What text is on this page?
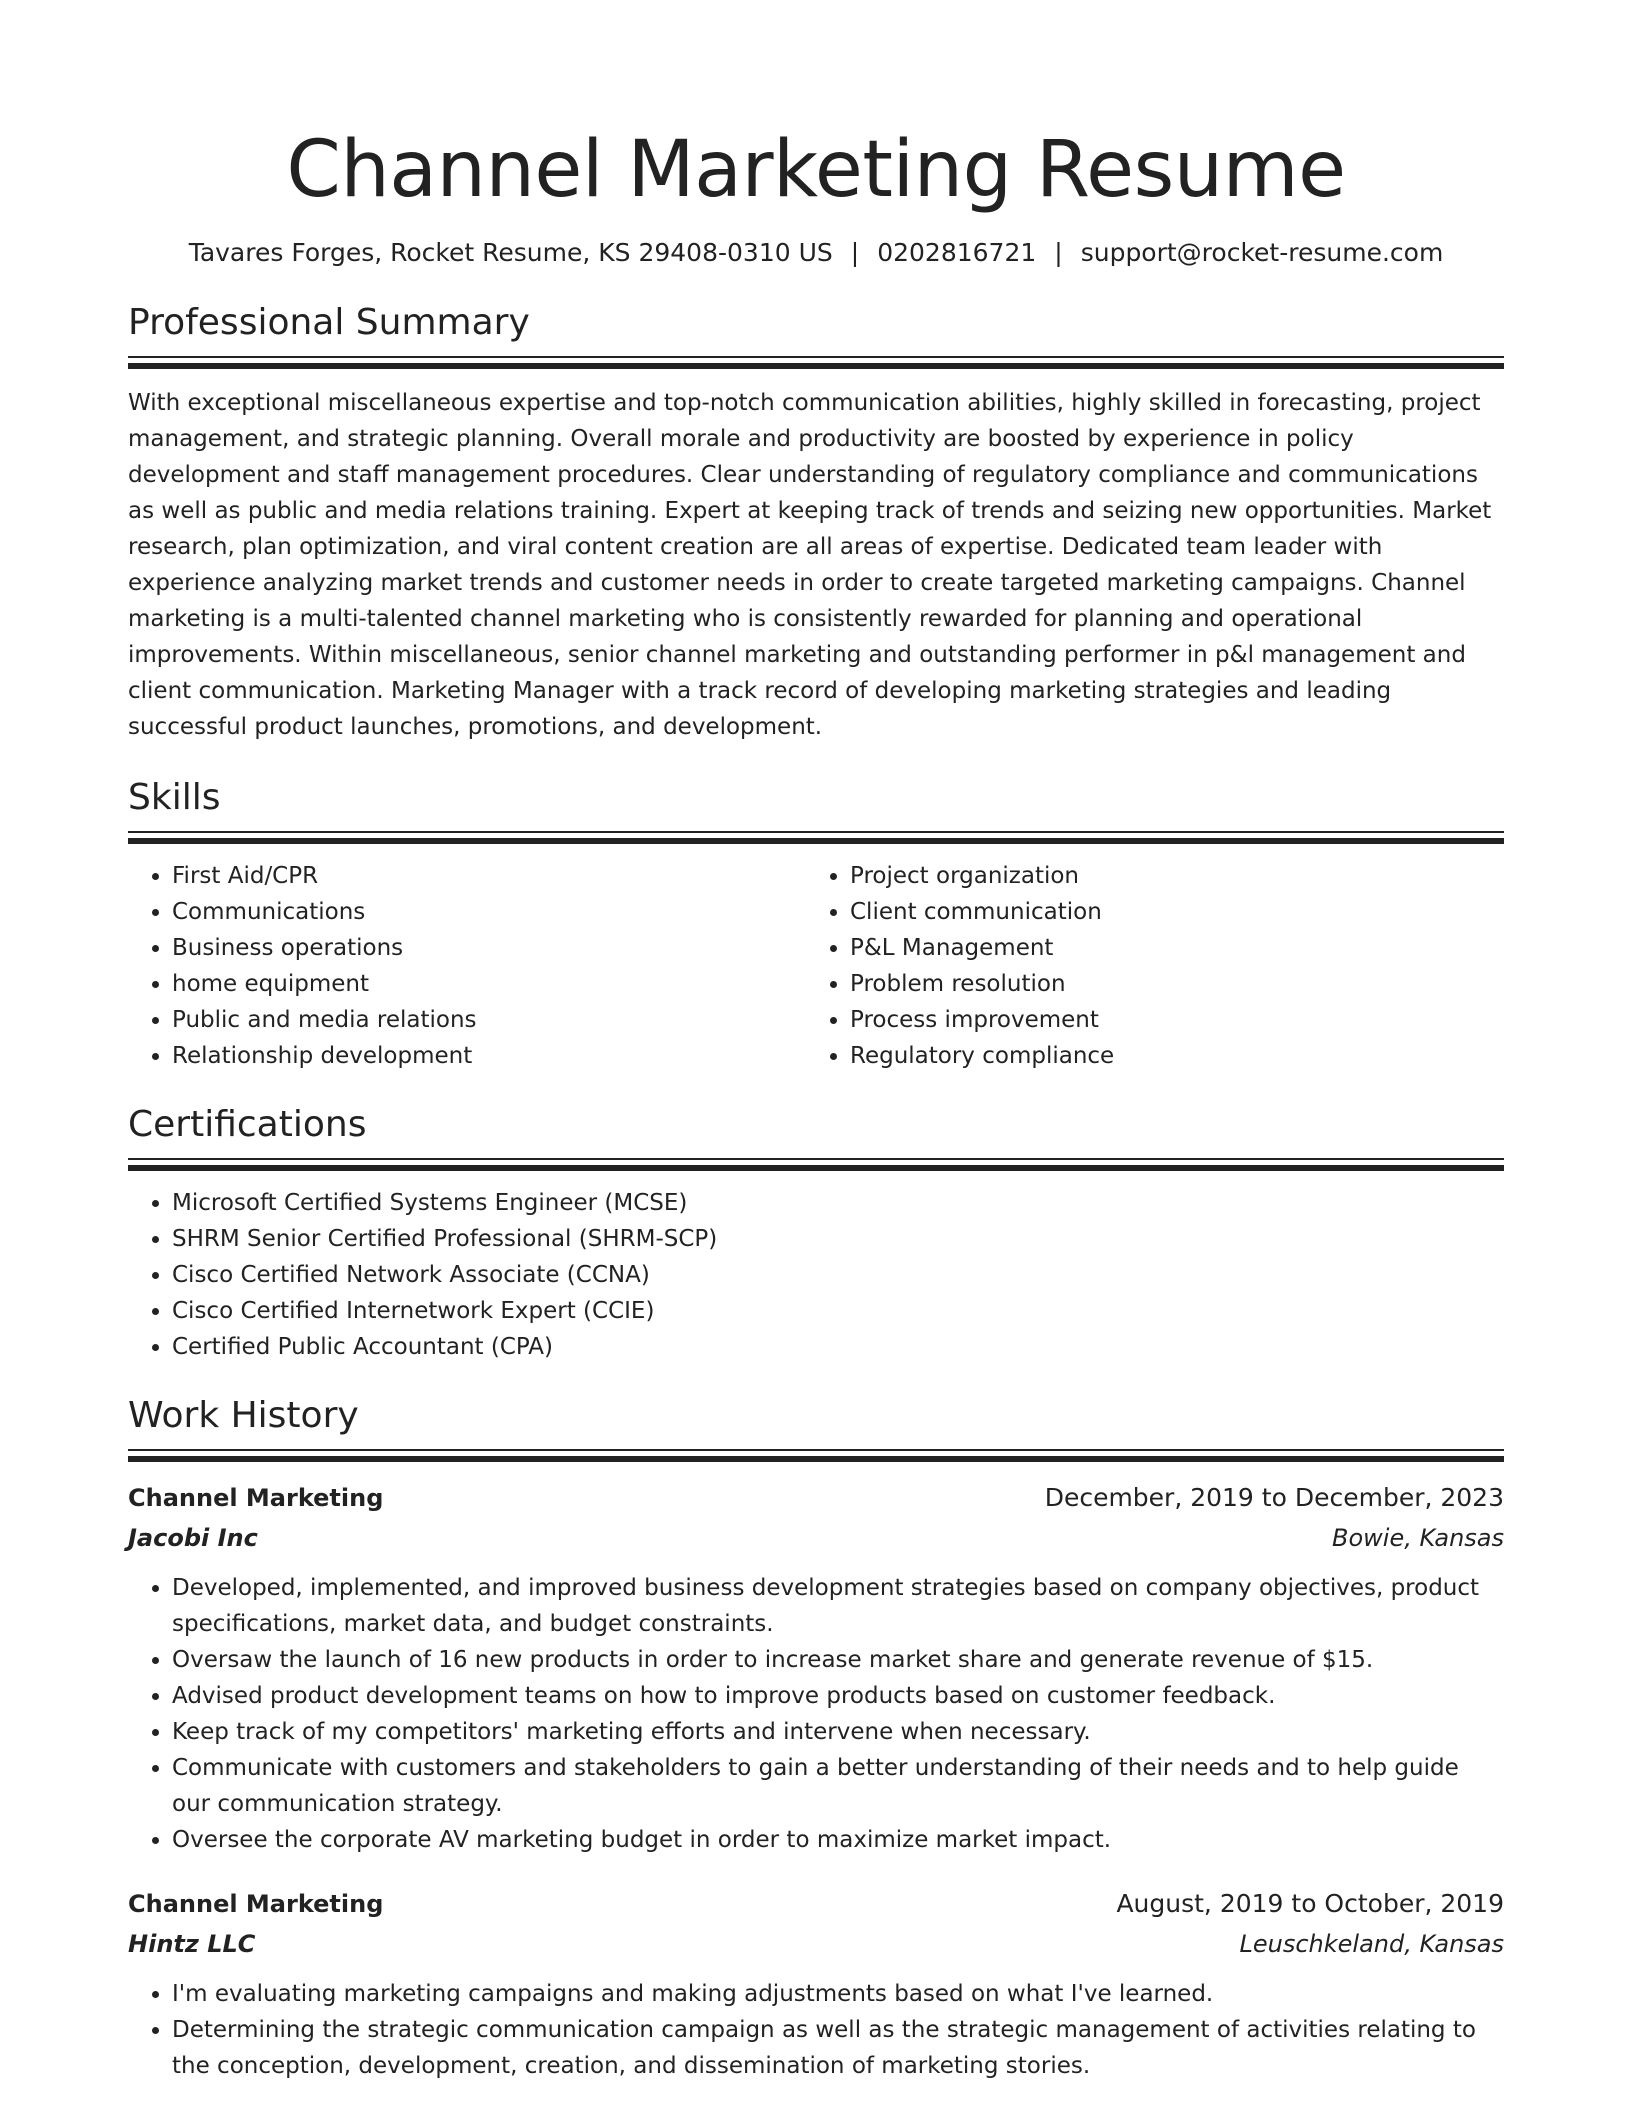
Channel Marketing Resume
Tavares Forges, Rocket Resume, KS 29408-0310 US | 0202816721 | support@rocket-resume.com
Professional Summary

With exceptional miscellaneous expertise and top-notch communication abilities, highly skilled in forecasting, project management, and strategic planning. Overall morale and productivity are boosted by experience in policy development and staff management procedures. Clear understanding of regulatory compliance and communications as well as public and media relations training. Expert at keeping track of trends and seizing new opportunities. Market research, plan optimization, and viral content creation are all areas of expertise. Dedicated team leader with experience analyzing market trends and customer needs in order to create targeted marketing campaigns. Channel marketing is a multi-talented channel marketing who is consistently rewarded for planning and operational improvements. Within miscellaneous, senior channel marketing and outstanding performer in p&l management and client communication. Marketing Manager with a track record of developing marketing strategies and leading successful product launches, promotions, and development.

Skills
• First Aid/CPR
• Communications
• Business operations
• home equipment
• Public and media relations
• Relationship development
• Project organization
• Client communication
• P&L Management
• Problem resolution
• Process improvement
• Regulatory compliance
Certifications
• Microsoft Certified Systems Engineer (MCSE)
• SHRM Senior Certified Professional (SHRM-SCP)
• Cisco Certified Network Associate (CCNA)
• Cisco Certified Internetwork Expert (CCIE)
• Certified Public Accountant (CPA)
Work History
Channel Marketing	December, 2019 to December, 2023
Jacobi Inc	Bowie, Kansas
• Developed, implemented, and improved business development strategies based on company objectives, product specifications, market data, and budget constraints.
• Oversaw the launch of 16 new products in order to increase market share and generate revenue of $15.
• Advised product development teams on how to improve products based on customer feedback.
• Keep track of my competitors' marketing efforts and intervene when necessary.
• Communicate with customers and stakeholders to gain a better understanding of their needs and to help guide our communication strategy.
• Oversee the corporate AV marketing budget in order to maximize market impact.
Channel Marketing	August, 2019 to October, 2019
Hintz LLC	Leuschkeland, Kansas
• I'm evaluating marketing campaigns and making adjustments based on what I've learned.
• Determining the strategic communication campaign as well as the strategic management of activities relating to the conception, development, creation, and dissemination of marketing stories.
